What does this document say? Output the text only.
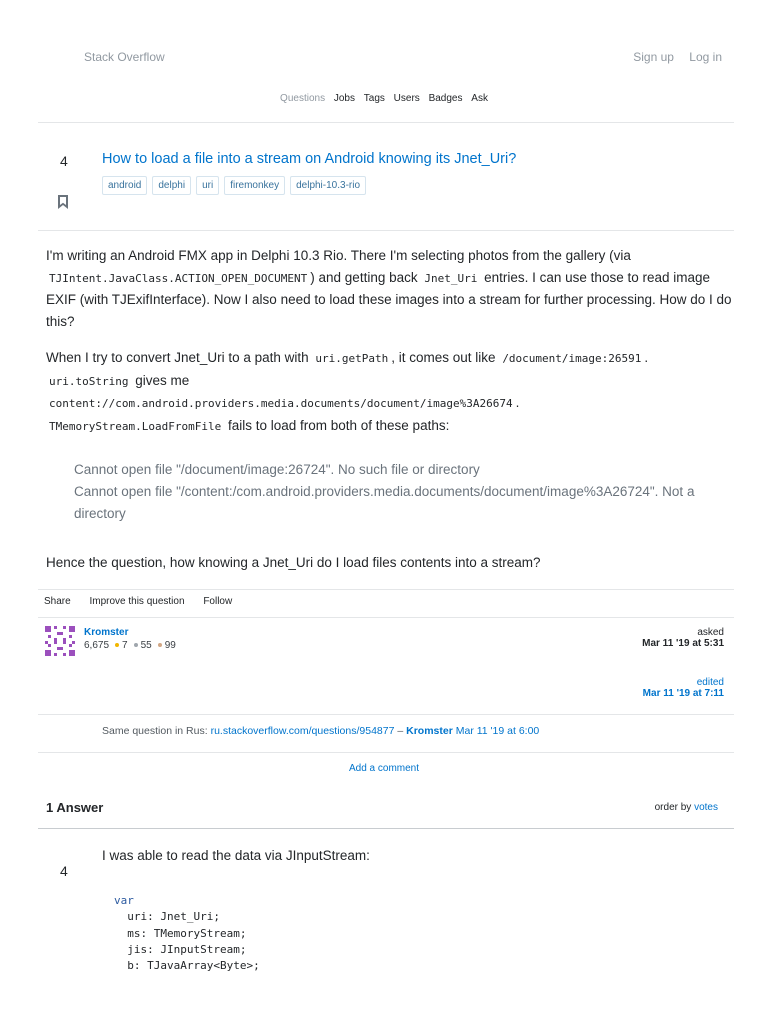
Stack Overflow	Sign up Log in
Questions Jobs Tags Users Badges Ask
4 How to load a file into a stream on Android knowing its Jnet_Uri?
android	delphi	uri	firemonkey	delphi-10.3-rio
I'm writing an Android FMX app in Delphi 10.3 Rio. There I'm selecting photos from the gallery (via TJIntent.JavaClass.ACTION_OPEN_DOCUMENT ) and getting back Jnet_Uri entries. I can use those to read image EXIF (with TJExifInterface). Now I also need to load these images into a stream for further processing. How do I do this?
When I try to convert Jnet_Uri to a path with uri.getPath , it comes out like /document/image:26591 .
uri.toString gives me
content://com.android.providers.media.documents/document/image%3A26674 .
TMemoryStream.LoadFromFile fails to load from both of these paths:
Cannot open file "/document/image:26724". No such file or directory
Cannot open file "/content:/com.android.providers.media.documents/document/image%3A26724". Not a directory
Hence the question, how knowing a Jnet_Uri do I load files contents into a stream?
Share Improve this question Follow
Kromster
6,675 7 55 99
asked
Mar 11 '19 at 5:31
edited
Mar 11 '19 at 7:11
Same question in Rus: ru.stackoverflow.com/questions/954877 – Kromster Mar 11 '19 at 6:00
Add a comment
1 Answer	order by votes
4
I was able to read the data via JInputStream:
var
uri: Jnet_Uri;
ms: TMemoryStream;
jis: JInputStream;
b: TJavaArray<Byte>;
